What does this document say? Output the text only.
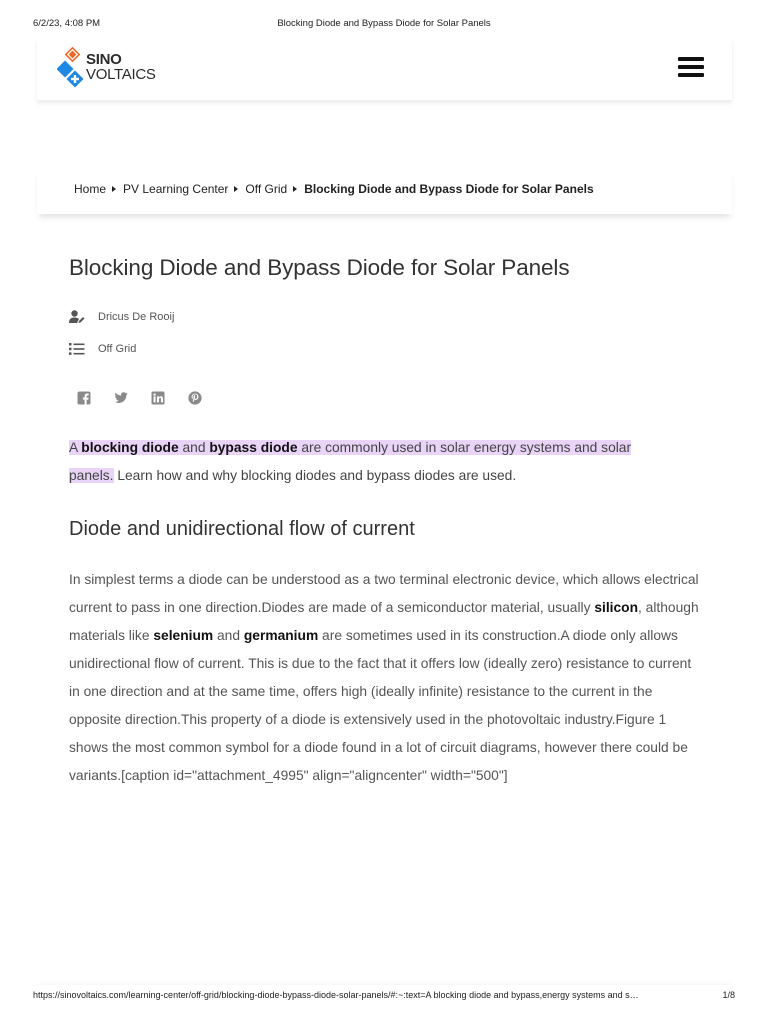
6/2/23, 4:08 PM	Blocking Diode and Bypass Diode for Solar Panels
SINO
VOLTAICS
Home PV Learning Center Off Grid Blocking Diode and Bypass Diode for Solar Panels
Blocking Diode and Bypass Diode for Solar Panels
Dricus De Rooij
Off Grid

A blocking diode and bypass diode are commonly used in solar energy systems and solar panels. Learn how and why blocking diodes and bypass diodes are used.

Diode and unidirectional flow of current

In simplest terms a diode can be understood as a two terminal electronic device, which allows electrical current to pass in one direction.Diodes are made of a semiconductor material, usually silicon, although materials like selenium and germanium are sometimes used in its construction.A diode only allows unidirectional flow of current. This is due to the fact that it offers low (ideally zero) resistance to current in one direction and at the same time, offers high (ideally infinite) resistance to the current in the opposite direction.This property of a diode is extensively used in the photovoltaic industry.Figure 1 shows the most common symbol for a diode found in a lot of circuit diagrams, however there could be variants.[caption id="attachment_4995" align="aligncenter" width="500"]

https://sinovoltaics.com/learning-center/off-grid/blocking-diode-bypass-diode-solar-panels/#:~:text=A blocking diode and bypass,energy systems and s…	1/8
